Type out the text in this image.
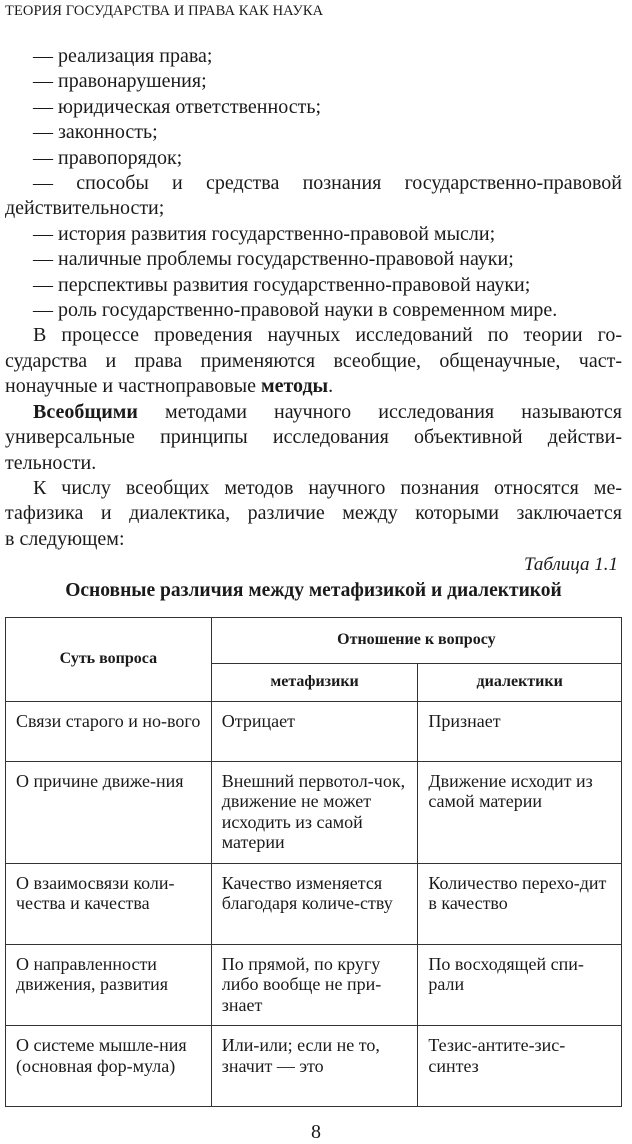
ТЕОРИЯ ГОСУДАРСТВА И ПРАВА КАК НАУКА
— реализация права;
— правонарушения;
— юридическая ответственность;
— законность;
— правопорядок;
— способы и средства познания государственно-правовой
действительности;
— история развития государственно-правовой мысли;
— наличные проблемы государственно-правовой науки;
— перспективы развития государственно-правовой науки;
— роль государственно-правовой науки в современном мире.
В процессе проведения научных исследований по теории го-
сударства и права применяются всеобщие, общенаучные, част-
нонаучные и частноправовые методы.
Всеобщими методами научного исследования называются
универсальные принципы исследования объективной действи-
тельности.
К числу всеобщих методов научного познания относятся ме-
тафизика и диалектика, различие между которыми заключается
в следующем:
Таблица 1.1
Основные различия между метафизикой и диалектикой
Суть вопроса	Отношение к вопросу	
	метафизики	диалектики
Связи старого и но-вого	Отрицает	Признает
О причине движе-ния	Внешний первотол-чок, движение не может исходить из самой материи	Движение исходит из самой материи
О взаимосвязи коли-чества и качества	Качество изменяется благодаря количе-ству	Количество перехо-дит в качество
О направленности движения, развития	По прямой, по кругу либо вообще не при-знает	По восходящей спи-рали
О системе мышле-ния (основная фор-мула)	Или-или; если не то, значит — это	Тезис-антите-зис-синтез
8
